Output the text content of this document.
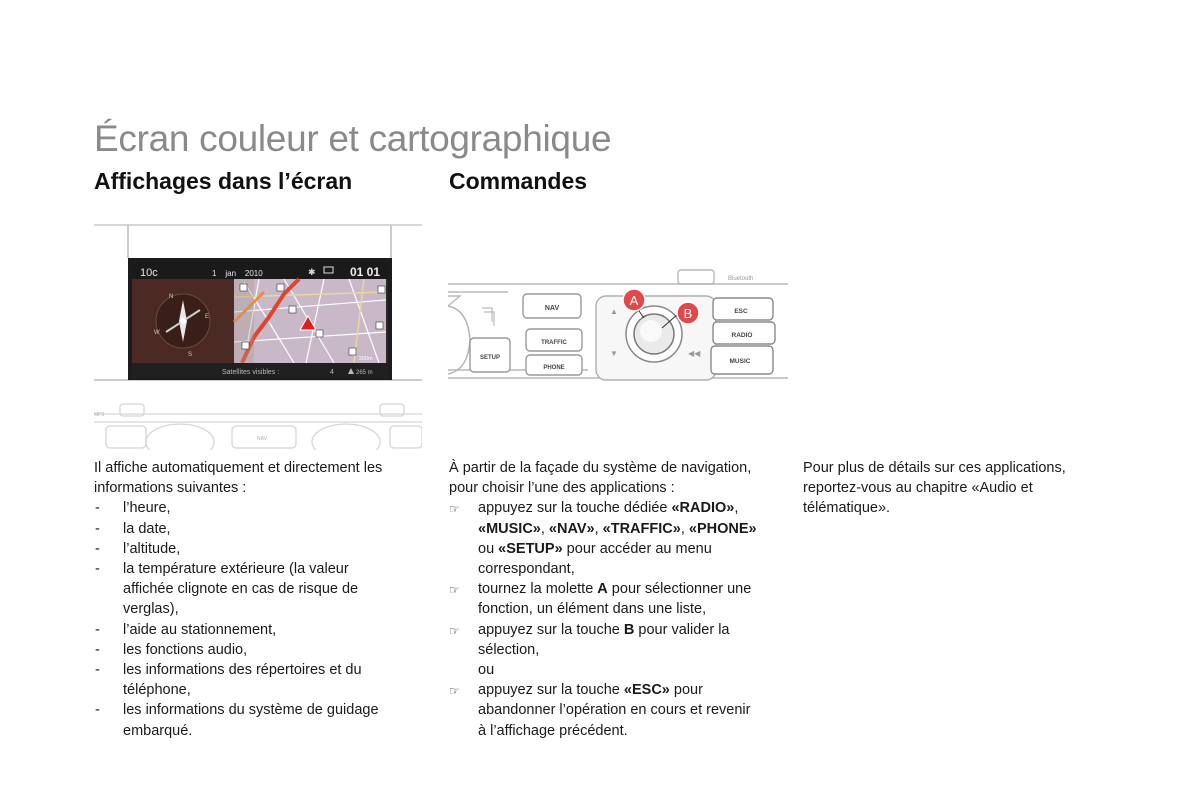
Écran couleur et cartographique
Affichages dans l’écran	Commandes
10c	1    jan    2010	✱	01 01
N
W
E
S
200m
Satellites visibles :	4	265 m
MP3
NAV
Bluetooth
NAV
SETUP
TRAFFIC
PHONE
▲
▼	◀◀
A
B	ESC
RADIO
MUSIC
Il affiche automatiquement et directement les
informations suivantes :
- l’heure,
- la date,
- l’altitude,
- la température extérieure (la valeur
affichée clignote en cas de risque de
verglas),
- l’aide au stationnement,
- les fonctions audio,
- les informations des répertoires et du
téléphone,
- les informations du système de guidage
embarqué.
À partir de la façade du système de navigation,
pour choisir l’une des applications :
☞ appuyez sur la touche dédiée «RADIO»,
«MUSIC», «NAV», «TRAFFIC», «PHONE»
ou «SETUP» pour accéder au menu
correspondant,
☞ tournez la molette A pour sélectionner une
fonction, un élément dans une liste,
☞ appuyez sur la touche B pour valider la
sélection,
ou
☞ appuyez sur la touche «ESC» pour
abandonner l’opération en cours et revenir
à l’affichage précédent.
Pour plus de détails sur ces applications,
reportez-vous au chapitre «Audio et
télématique».
